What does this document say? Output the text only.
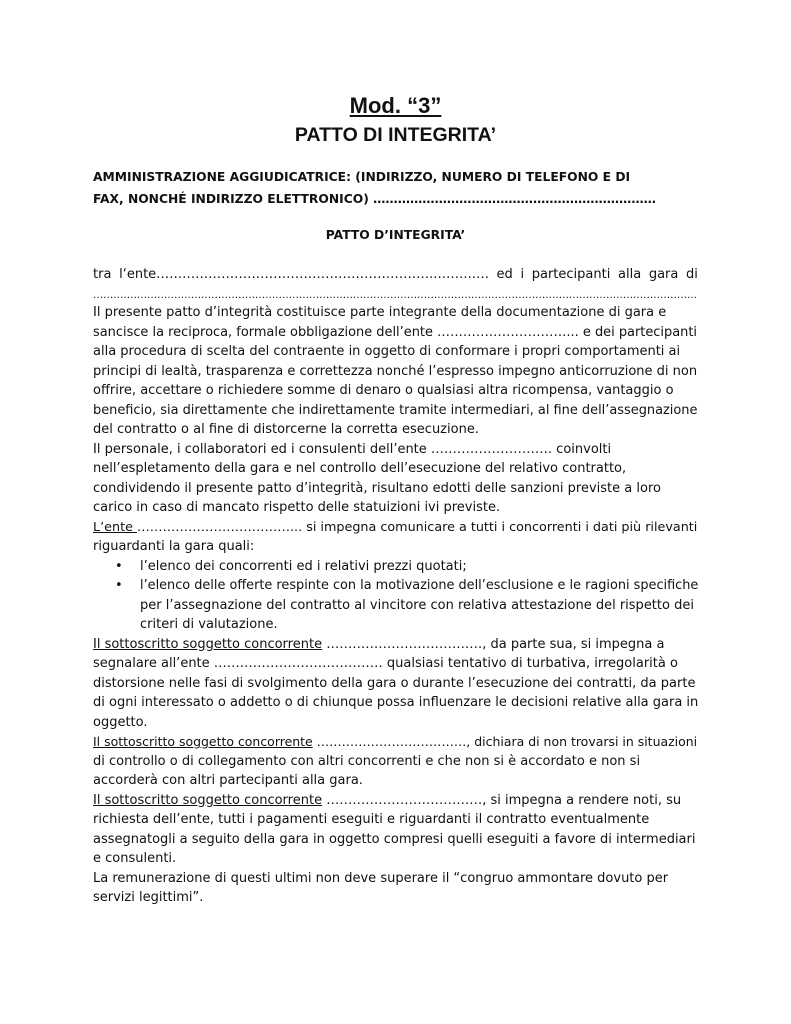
Mod. “3”
PATTO DI INTEGRITA’
AMMINISTRAZIONE AGGIUDICATRICE: (INDIRIZZO, NUMERO DI TELEFONO E DI
FAX, NONCHÉ INDIRIZZO ELETTRONICO) ……………………………………………………………
PATTO D’INTEGRITA’
tra l‘ente………………………………………………………..……..…. ed i partecipanti alla gara di
……………………………………………………………………………………………………………………………………………………………..
Il presente patto d’integrità costituisce parte integrante della documentazione di gara e
sancisce la reciproca, formale obbligazione dell’ente …………………………... e dei partecipanti
alla procedura di scelta del contraente in oggetto di conformare i propri comportamenti ai
principi di lealtà, trasparenza e correttezza nonché l’espresso impegno anticorruzione di non
offrire, accettare o richiedere somme di denaro o qualsiasi altra ricompensa, vantaggio o
beneficio, sia direttamente che indirettamente tramite intermediari, al fine dell’assegnazione
del contratto o al fine di distorcerne la corretta esecuzione.
Il personale, i collaboratori ed i consulenti dell’ente ………………………. coinvolti
nell’espletamento della gara e nel controllo dell’esecuzione del relativo contratto,
condividendo il presente patto d’integrità, risultano edotti delle sanzioni previste a loro
carico in caso di mancato rispetto delle statuizioni ivi previste.
L’ente ………………………………... si impegna comunicare a tutti i concorrenti i dati più rilevanti
riguardanti la gara quali:
• l’elenco dei concorrenti ed i relativi prezzi quotati;
• l’elenco delle offerte respinte con la motivazione dell’esclusione e le ragioni specifiche
per l’assegnazione del contratto al vincitore con relativa attestazione del rispetto dei
criteri di valutazione.
Il sottoscritto soggetto concorrente ………………………………, da parte sua, si impegna a
segnalare all’ente ………………………………… qualsiasi tentativo di turbativa, irregolarità o
distorsione nelle fasi di svolgimento della gara o durante l’esecuzione dei contratti, da parte
di ogni interessato o addetto o di chiunque possa influenzare le decisioni relative alla gara in
oggetto.
Il sottoscritto soggetto concorrente ………………………………, dichiara di non trovarsi in situazioni
di controllo o di collegamento con altri concorrenti e che non si è accordato e non si
accorderà con altri partecipanti alla gara.
Il sottoscritto soggetto concorrente ………………………………, si impegna a rendere noti, su
richiesta dell’ente, tutti i pagamenti eseguiti e riguardanti il contratto eventualmente
assegnatogli a seguito della gara in oggetto compresi quelli eseguiti a favore di intermediari
e consulenti.
La remunerazione di questi ultimi non deve superare il “congruo ammontare dovuto per
servizi legittimi”.
